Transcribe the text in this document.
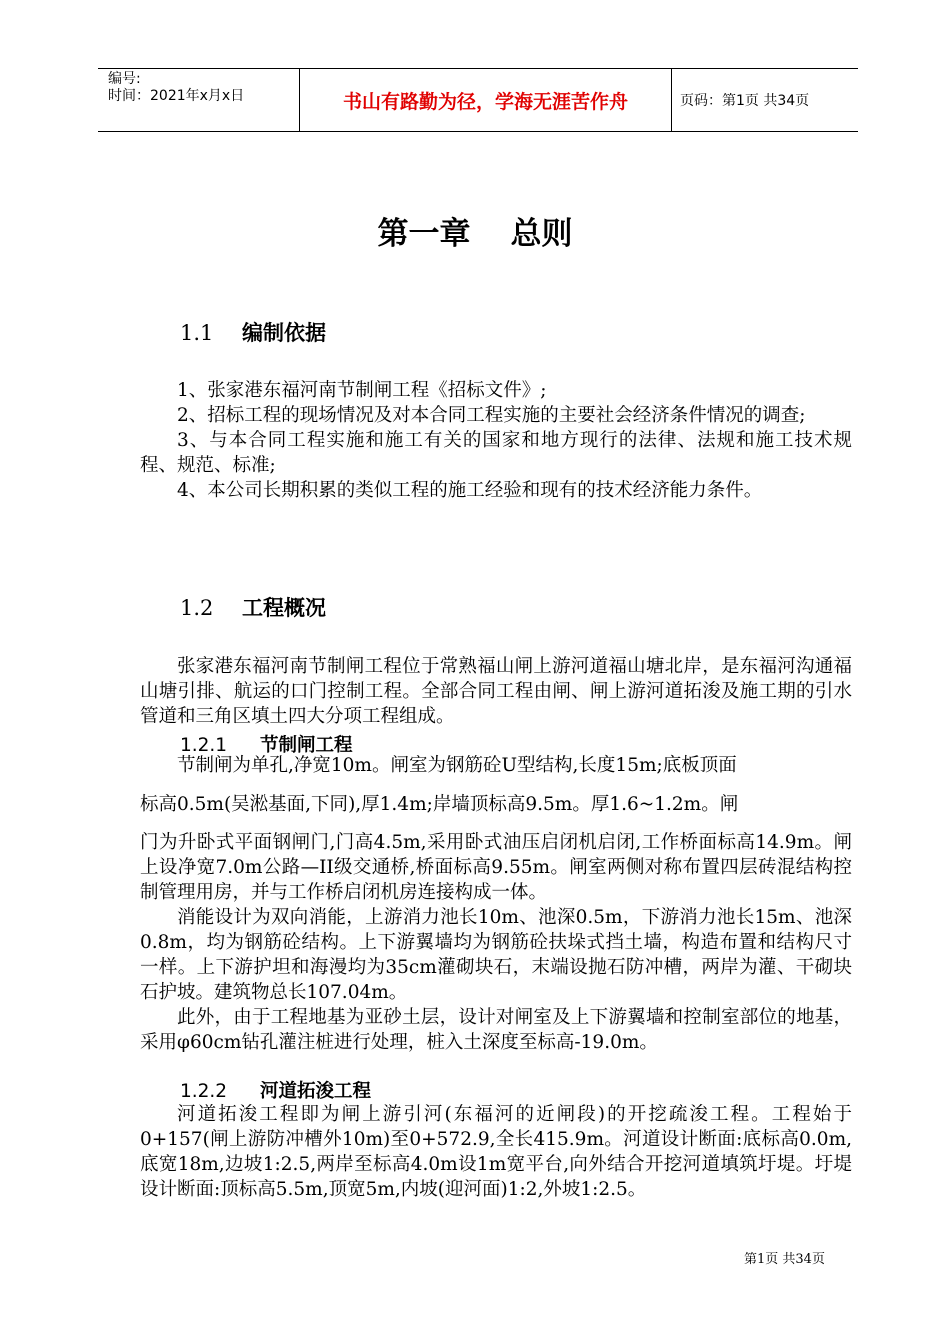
编号:
时间：2021年x月x日	书山有路勤为径，学海无涯苦作舟	页码：第1页 共34页
第一章 总则
1.1 编制依据

1、张家港东福河南节制闸工程《招标文件》;

2、招标工程的现场情况及对本合同工程实施的主要社会经济条件情况的调查;

3、与本合同工程实施和施工有关的国家和地方现行的法律、法规和施工技术规程、规范、标准;

4、本公司长期积累的类似工程的施工经验和现有的技术经济能力条件。

1.2 工程概况

张家港东福河南节制闸工程位于常熟福山闸上游河道福山塘北岸，是东福河沟通福山塘引排、航运的口门控制工程。全部合同工程由闸、闸上游河道拓浚及施工期的引水管道和三角区填土四大分项工程组成。

1.2.1 节制闸工程

节制闸为单孔,净宽10m。闸室为钢筋砼U型结构,长度15m;底板顶面

标高0.5m(吴淞基面,下同),厚1.4m;岸墙顶标高9.5m。厚1.6~1.2m。闸

门为升卧式平面钢闸门,门高4.5m,采用卧式油压启闭机启闭,工作桥面标高14.9m。闸上设净宽7.0m公路—II级交通桥,桥面标高9.55m。闸室两侧对称布置四层砖混结构控制管理用房，并与工作桥启闭机房连接构成一体。

消能设计为双向消能，上游消力池长10m、池深0.5m，下游消力池长15m、池深0.8m，均为钢筋砼结构。上下游翼墙均为钢筋砼扶垛式挡土墙，构造布置和结构尺寸一样。上下游护坦和海漫均为35cm灌砌块石，末端设抛石防冲槽，两岸为灌、干砌块石护坡。建筑物总长107.04m。

此外，由于工程地基为亚砂土层，设计对闸室及上下游翼墙和控制室部位的地基，采用φ60cm钻孔灌注桩进行处理，桩入土深度至标高-19.0m。

1.2.2 河道拓浚工程

河道拓浚工程即为闸上游引河(东福河的近闸段)的开挖疏浚工程。工程始于0+157(闸上游防冲槽外10m)至0+572.9,全长415.9m。河道设计断面:底标高0.0m,底宽18m,边坡1:2.5,两岸至标高4.0m设1m宽平台,向外结合开挖河道填筑圩堤。圩堤设计断面:顶标高5.5m,顶宽5m,内坡(迎河面)1:2,外坡1:2.5。

第1页 共34页
